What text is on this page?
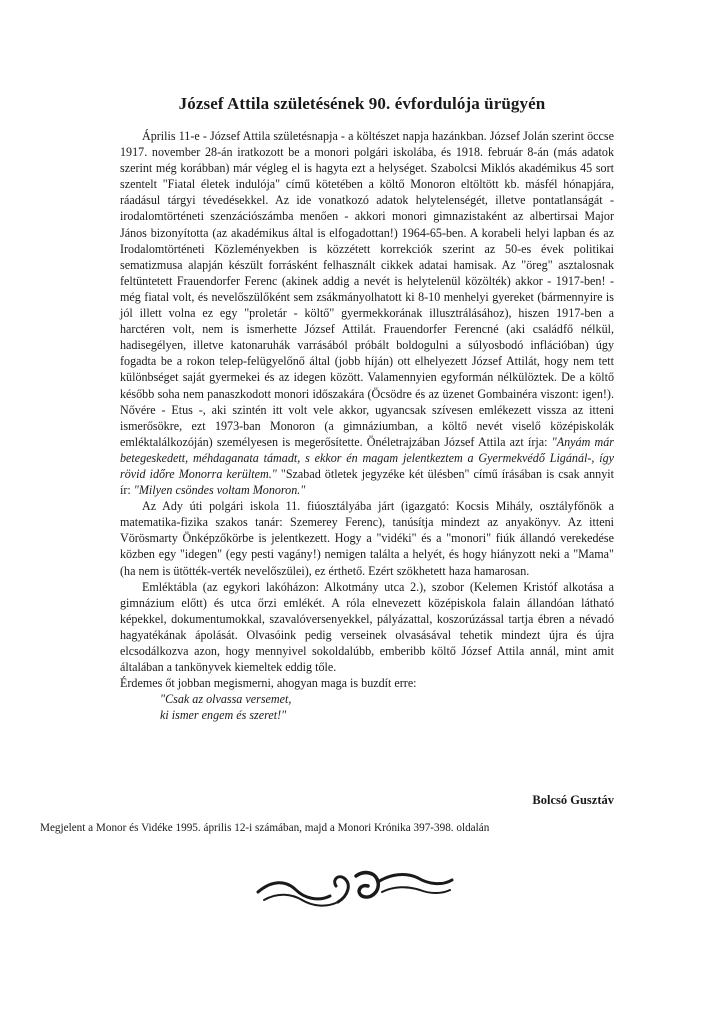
József Attila születésének 90. évfordulója ürügyén

Április 11-e - József Attila születésnapja - a költészet napja hazánkban. József Jolán szerint öccse 1917. november 28-án iratkozott be a monori polgári iskolába, és 1918. február 8-án (más adatok szerint még korábban) már végleg el is hagyta ezt a helységet. Szabolcsi Miklós akadémikus 45 sort szentelt "Fiatal életek indulója" című kötetében a költő Monoron eltöltött kb. másfél hónapjára, ráadásul tárgyi tévedésekkel. Az ide vonatkozó adatok helytelenségét, illetve pontatlanságát - irodalomtörténeti szenzációszámba menően - akkori monori gimnazistaként az albertirsai Major János bizonyította (az akadémikus által is elfogadottan!) 1964-65-ben. A korabeli helyi lapban és az Irodalomtörténeti Közleményekben is közzétett korrekciók szerint az 50-es évek politikai sematizmusa alapján készült forrásként felhasznált cikkek adatai hamisak. Az "öreg" asztalosnak feltüntetett Frauendorfer Ferenc (akinek addig a nevét is helytelenül közölték) akkor - 1917-ben! - még fiatal volt, és nevelőszülőként sem zsákmányolhatott ki 8-10 menhelyi gyereket (bármennyire is jól illett volna ez egy "proletár - költő" gyermekkorának illusztrálásához), hiszen 1917-ben a harctéren volt, nem is ismerhette József Attilát. Frauendorfer Ferencné (aki családfő nélkül, hadisegélyen, illetve katonaruhák varrásából próbált boldogulni a súlyosbodó inflációban) úgy fogadta be a rokon telep-felügyelőnő által (jobb híján) ott elhelyezett József Attilát, hogy nem tett különbséget saját gyermekei és az idegen között. Valamennyien egyformán nélkülöztek. De a költő később soha nem panaszkodott monori időszakára (Öcsödre és az üzenet Gombainéra viszont: igen!). Nővére - Etus -, aki szintén itt volt vele akkor, ugyancsak szívesen emlékezett vissza az itteni ismerősökre, ezt 1973-ban Monoron (a gimnáziumban, a költő nevét viselő középiskolák emléktalálkozóján) személyesen is megerősítette. Önéletrajzában József Attila azt írja: "Anyám már betegeskedett, méhdaganata támadt, s ekkor én magam jelentkeztem a Gyermekvédő Ligánál-, így rövid időre Monorra kerültem." "Szabad ötletek jegyzéke két ülésben" című írásában is csak annyit ír: "Milyen csöndes voltam Monoron."

Az Ady úti polgári iskola 11. fiúosztályába járt (igazgató: Kocsis Mihály, osztályfőnök a matematika-fizika szakos tanár: Szemerey Ferenc), tanúsítja mindezt az anyakönyv. Az itteni Vörösmarty Önképzőkörbe is jelentkezett. Hogy a "vidéki" és a "monori" fiúk állandó verekedése közben egy "idegen" (egy pesti vagány!) nemigen találta a helyét, és hogy hiányzott neki a "Mama" (ha nem is ütötték-verték nevelőszülei), ez érthető. Ezért szökhetett haza hamarosan.

Emléktábla (az egykori lakóházon: Alkotmány utca 2.), szobor (Kelemen Kristóf alkotása a gimnázium előtt) és utca őrzi emlékét. A róla elnevezett középiskola falain állandóan látható képekkel, dokumentumokkal, szavalóversenyekkel, pályázattal, koszorúzással tartja ébren a névadó hagyatékának ápolását. Olvasóink pedig verseinek olvasásával tehetik mindezt újra és újra elcsodálkozva azon, hogy mennyivel sokoldalúbb, emberibb költő József Attila annál, mint amit általában a tankönyvek kiemeltek eddig tőle.

Érdemes őt jobban megismerni, ahogyan maga is buzdít erre:

"Csak az olvassa versemet,
ki ismer engem és szeret!"
Bolcsó Gusztáv
Megjelent a Monor és Vidéke 1995. április 12-i számában, majd a Monori Krónika 397-398. oldalán
